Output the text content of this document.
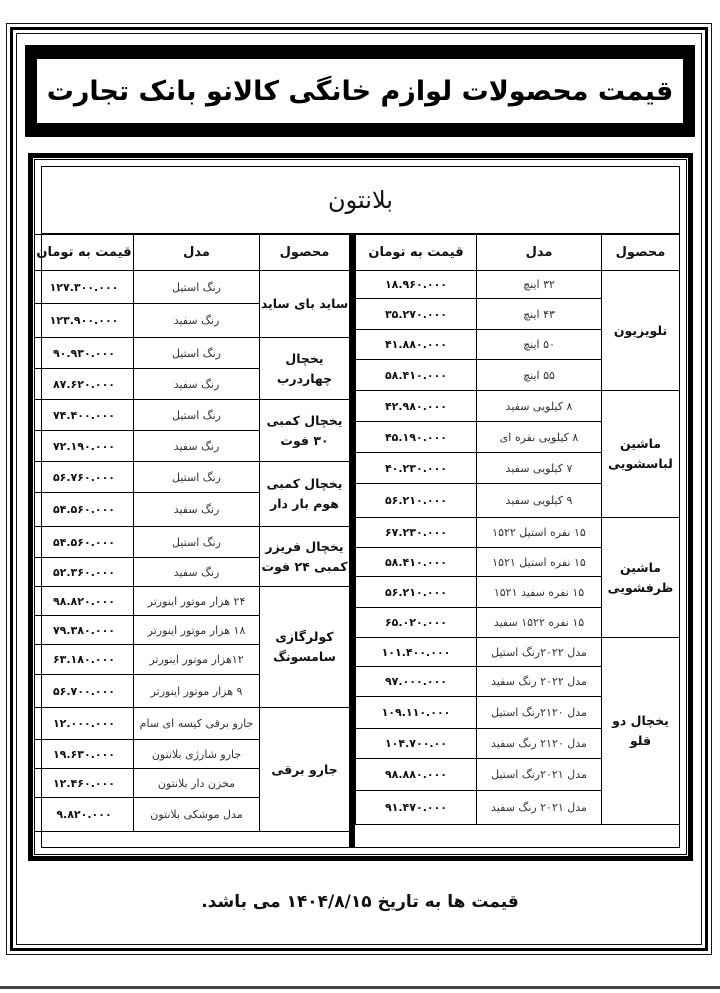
قیمت محصولات لوازم خانگی کالانو بانک تجارت
بلانتون
محصول	مدل	قیمت به تومان
تلویزیون	۳۲ اینچ	۱۸.۹۶۰.۰۰۰
	۴۳ اینچ	۳۵.۲۷۰.۰۰۰
	۵۰ اینچ	۴۱.۸۸۰.۰۰۰
	۵۵ اینچ	۵۸.۴۱۰.۰۰۰
ماشین لباسشویی	۸ کیلویی سفید	۴۲.۹۸۰.۰۰۰
	۸ کیلویی نقره ای	۴۵.۱۹۰.۰۰۰
	۷ کیلویی سفید	۴۰.۲۳۰.۰۰۰
	۹ کیلویی سفید	۵۶.۲۱۰.۰۰۰
ماشین ظرفشویی	۱۵ نفره استیل ۱۵۲۲	۶۷.۲۳۰.۰۰۰
	۱۵ نفره استیل ۱۵۲۱	۵۸.۴۱۰.۰۰۰
	۱۵ نفره سفید ۱۵۲۱	۵۶.۲۱۰.۰۰۰
	۱۵ نفره ۱۵۲۲ سفید	۶۵.۰۲۰.۰۰۰
یخچال دو قلو	مدل ۲۰۲۲رنگ استیل	۱۰۱.۴۰۰.۰۰۰
	مدل ۲۰۲۲ رنگ سفید	۹۷.۰۰۰.۰۰۰
	مدل ۲۱۲۰رنگ استیل	۱۰۹.۱۱۰.۰۰۰
	مدل ۲۱۲۰ رنگ سفید	۱۰۴.۷۰۰.۰۰
	مدل ۲۰۲۱رنگ استیل	۹۸.۸۸۰.۰۰۰
	مدل ۲۰۲۱ رنگ سفید	۹۱.۴۷۰.۰۰۰
محصول	مدل	قیمت به تومان
ساید بای ساید	رنگ استیل	۱۲۷.۳۰۰.۰۰۰
	رنگ سفید	۱۲۳.۹۰۰.۰۰۰
یخچال چهاردرب	رنگ استیل	۹۰.۹۳۰.۰۰۰
	رنگ سفید	۸۷.۶۲۰.۰۰۰
یخچال کمبی ۳۰ فوت	رنگ استیل	۷۴.۴۰۰.۰۰۰
	رنگ سفید	۷۲.۱۹۰.۰۰۰
یخچال کمبی هوم بار دار	رنگ استیل	۵۶.۷۶۰.۰۰۰
	رنگ سفید	۵۴.۵۶۰.۰۰۰
یخچال فریزر کمبی ۲۴ فوت	رنگ استیل	۵۴.۵۶۰.۰۰۰
	رنگ سفید	۵۲.۳۶۰.۰۰۰
کولرگازی سامسونگ	۲۴ هزار موتور اینورتر	۹۸.۸۲۰.۰۰۰
	۱۸ هزار موتور اینورتر	۷۹.۳۸۰.۰۰۰
	۱۲هزار موتور اینورتر	۶۳.۱۸۰.۰۰۰
	۹ هزار موتور اینورتر	۵۶.۷۰۰.۰۰۰
جارو برقی	جارو برقی کیسه ای سام	۱۲.۰۰۰.۰۰۰
	جارو شارژی بلانتون	۱۹.۶۳۰.۰۰۰
	مخزن دار بلانتون	۱۲.۴۶۰.۰۰۰
	مدل موشکی بلانتون	۹.۸۲۰.۰۰۰
قیمت ها به تاریخ ۱۴۰۴/۸/۱۵ می باشد.
